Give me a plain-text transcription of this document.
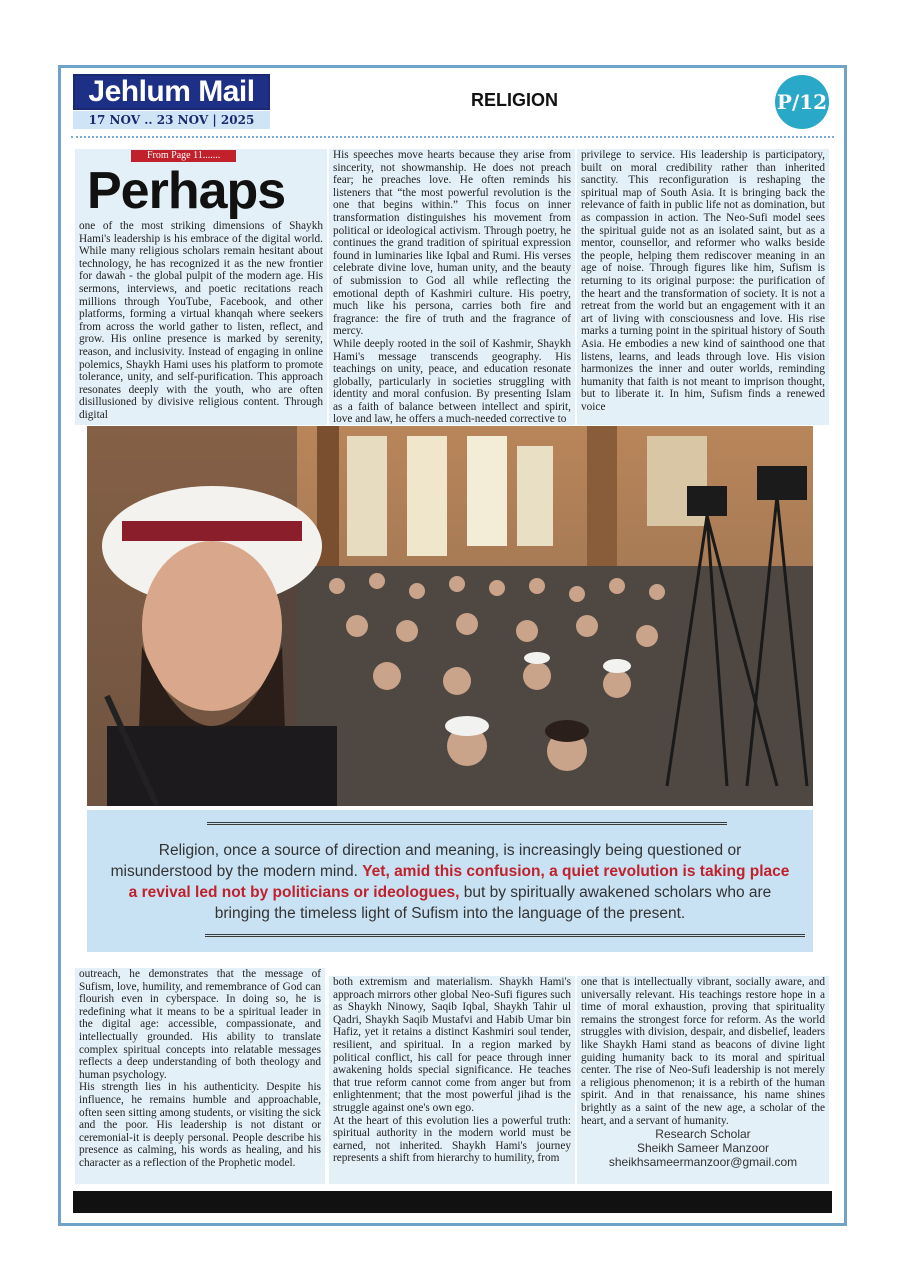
Jehlum Mail
17 NOV .. 23 NOV | 2025
RELIGION	P/12
From Page 11.......
Perhaps

one of the most striking dimensions of Shaykh Hami's leadership is his embrace of the digital world. While many religious scholars remain hesitant about technology, he has recognized it as the new frontier for dawah - the global pulpit of the modern age. His sermons, interviews, and poetic recitations reach millions through YouTube, Facebook, and other platforms, forming a virtual khanqah where seekers from across the world gather to listen, reflect, and grow. His online presence is marked by serenity, reason, and inclusivity. Instead of engaging in online polemics, Shaykh Hami uses his platform to promote tolerance, unity, and self-purification. This approach resonates deeply with the youth, who are often disillusioned by divisive religious content. Through digital

His speeches move hearts because they arise from sincerity, not showmanship. He does not preach fear; he preaches love. He often reminds his listeners that “the most powerful revolution is the one that begins within.” This focus on inner transformation distinguishes his movement from political or ideological activism. Through poetry, he continues the grand tradition of spiritual expression found in luminaries like Iqbal and Rumi. His verses celebrate divine love, human unity, and the beauty of submission to God all while reflecting the emotional depth of Kashmiri culture. His poetry, much like his persona, carries both fire and fragrance: the fire of truth and the fragrance of mercy.

While deeply rooted in the soil of Kashmir, Shaykh Hami's message transcends geography. His teachings on unity, peace, and education resonate globally, particularly in societies struggling with identity and moral confusion. By presenting Islam as a faith of balance between intellect and spirit, love and law, he offers a much-needed corrective to

privilege to service. His leadership is participatory, built on moral credibility rather than inherited sanctity. This reconfiguration is reshaping the spiritual map of South Asia. It is bringing back the relevance of faith in public life not as domination, but as compassion in action. The Neo-Sufi model sees the spiritual guide not as an isolated saint, but as a mentor, counsellor, and reformer who walks beside the people, helping them rediscover meaning in an age of noise. Through figures like him, Sufism is returning to its original purpose: the purification of the heart and the transformation of society. It is not a retreat from the world but an engagement with it an art of living with consciousness and love. His rise marks a turning point in the spiritual history of South Asia. He embodies a new kind of sainthood one that listens, learns, and leads through love. His vision harmonizes the inner and outer worlds, reminding humanity that faith is not meant to imprison thought, but to liberate it. In him, Sufism finds a renewed voice

Religion, once a source of direction and meaning, is increasingly being questioned or misunderstood by the modern mind. Yet, amid this confusion, a quiet revolution is taking place a revival led not by politicians or ideologues, but by spiritually awakened scholars who are bringing the timeless light of Sufism into the language of the present.

outreach, he demonstrates that the message of Sufism, love, humility, and remembrance of God can flourish even in cyberspace. In doing so, he is redefining what it means to be a spiritual leader in the digital age: accessible, compassionate, and intellectually grounded. His ability to translate complex spiritual concepts into relatable messages reflects a deep understanding of both theology and human psychology.

His strength lies in his authenticity. Despite his influence, he remains humble and approachable, often seen sitting among students, or visiting the sick and the poor. His leadership is not distant or ceremonial-it is deeply personal. People describe his presence as calming, his words as healing, and his character as a reflection of the Prophetic model.

both extremism and materialism. Shaykh Hami's approach mirrors other global Neo-Sufi figures such as Shaykh Ninowy, Saqib Iqbal, Shaykh Tahir ul Qadri, Shaykh Saqib Mustafvi and Habib Umar bin Hafiz, yet it retains a distinct Kashmiri soul tender, resilient, and spiritual. In a region marked by political conflict, his call for peace through inner awakening holds special significance. He teaches that true reform cannot come from anger but from enlightenment; that the most powerful jihad is the struggle against one's own ego.

At the heart of this evolution lies a powerful truth: spiritual authority in the modern world must be earned, not inherited. Shaykh Hami's journey represents a shift from hierarchy to humility, from

one that is intellectually vibrant, socially aware, and universally relevant. His teachings restore hope in a time of moral exhaustion, proving that spirituality remains the strongest force for reform. As the world struggles with division, despair, and disbelief, leaders like Shaykh Hami stand as beacons of divine light guiding humanity back to its moral and spiritual center. The rise of Neo-Sufi leadership is not merely a religious phenomenon; it is a rebirth of the human spirit. And in that renaissance, his name shines brightly as a saint of the new age, a scholar of the heart, and a servant of humanity.

Research Scholar
Sheikh Sameer Manzoor
sheikhsameermanzoor@gmail.com
